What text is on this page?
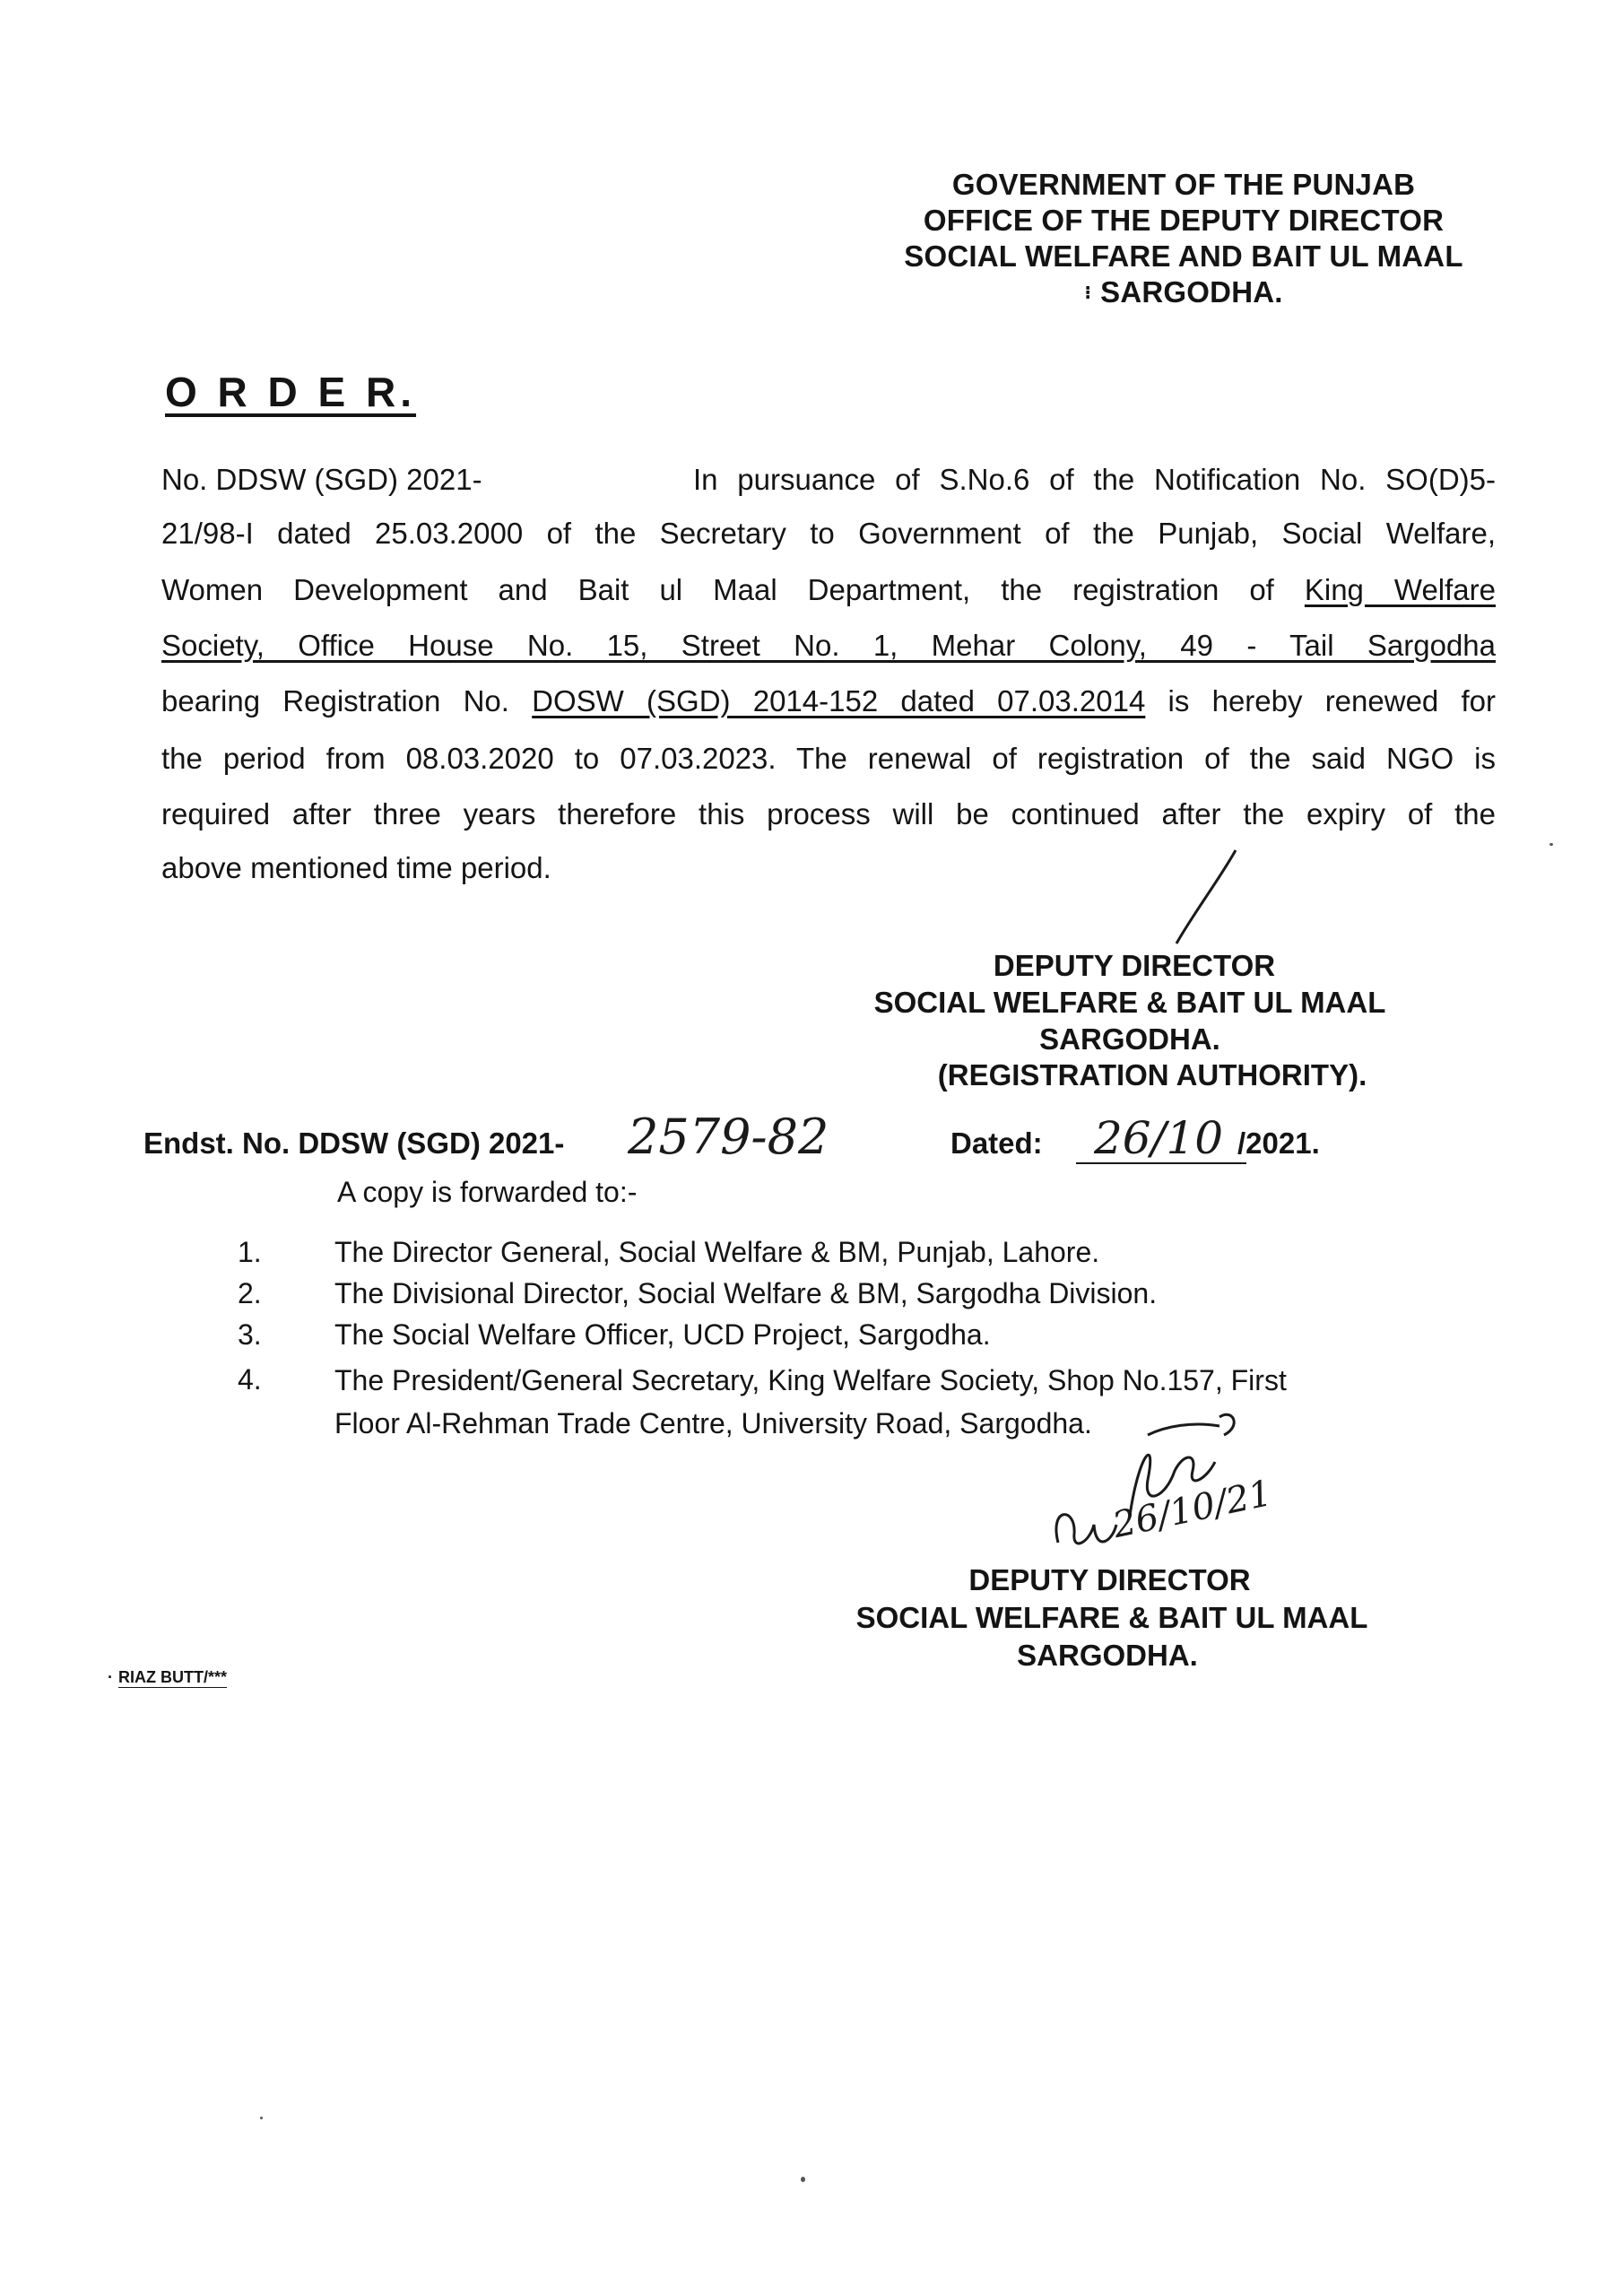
GOVERNMENT OF THE PUNJAB
OFFICE OF THE DEPUTY DIRECTOR
SOCIAL WELFARE AND BAIT UL MAAL
⁝ SARGODHA.
O R D E R.
No. DDSW (SGD) 2021-	In pursuance of S.No.6 of the Notification No. SO(D)5-
21/98-I dated 25.03.2000 of the Secretary to Government of the Punjab, Social Welfare,
Women Development and Bait ul Maal Department, the registration of King Welfare
Society, Office House No. 15, Street No. 1, Mehar Colony, 49 - Tail Sargodha
bearing Registration No. DOSW (SGD) 2014-152 dated 07.03.2014 is hereby renewed for
the period from 08.03.2020 to 07.03.2023. The renewal of registration of the said NGO is
required after three years therefore this process will be continued after the expiry of the
above mentioned time period.
DEPUTY DIRECTOR
SOCIAL WELFARE & BAIT UL MAAL
SARGODHA.
(REGISTRATION AUTHORITY).
Endst. No. DDSW (SGD) 2021- 2579-82	Dated: 26/10 /2021.
A copy is forwarded to:-
1.	The Director General, Social Welfare & BM, Punjab, Lahore.
2.	The Divisional Director, Social Welfare & BM, Sargodha Division.
3.	The Social Welfare Officer, UCD Project, Sargodha.
4.	The President/General Secretary, King Welfare Society, Shop No.157, First
Floor Al-Rehman Trade Centre, University Road, Sargodha.
26/10/21
DEPUTY DIRECTOR
SOCIAL WELFARE & BAIT UL MAAL
SARGODHA.
· RIAZ BUTT/***
